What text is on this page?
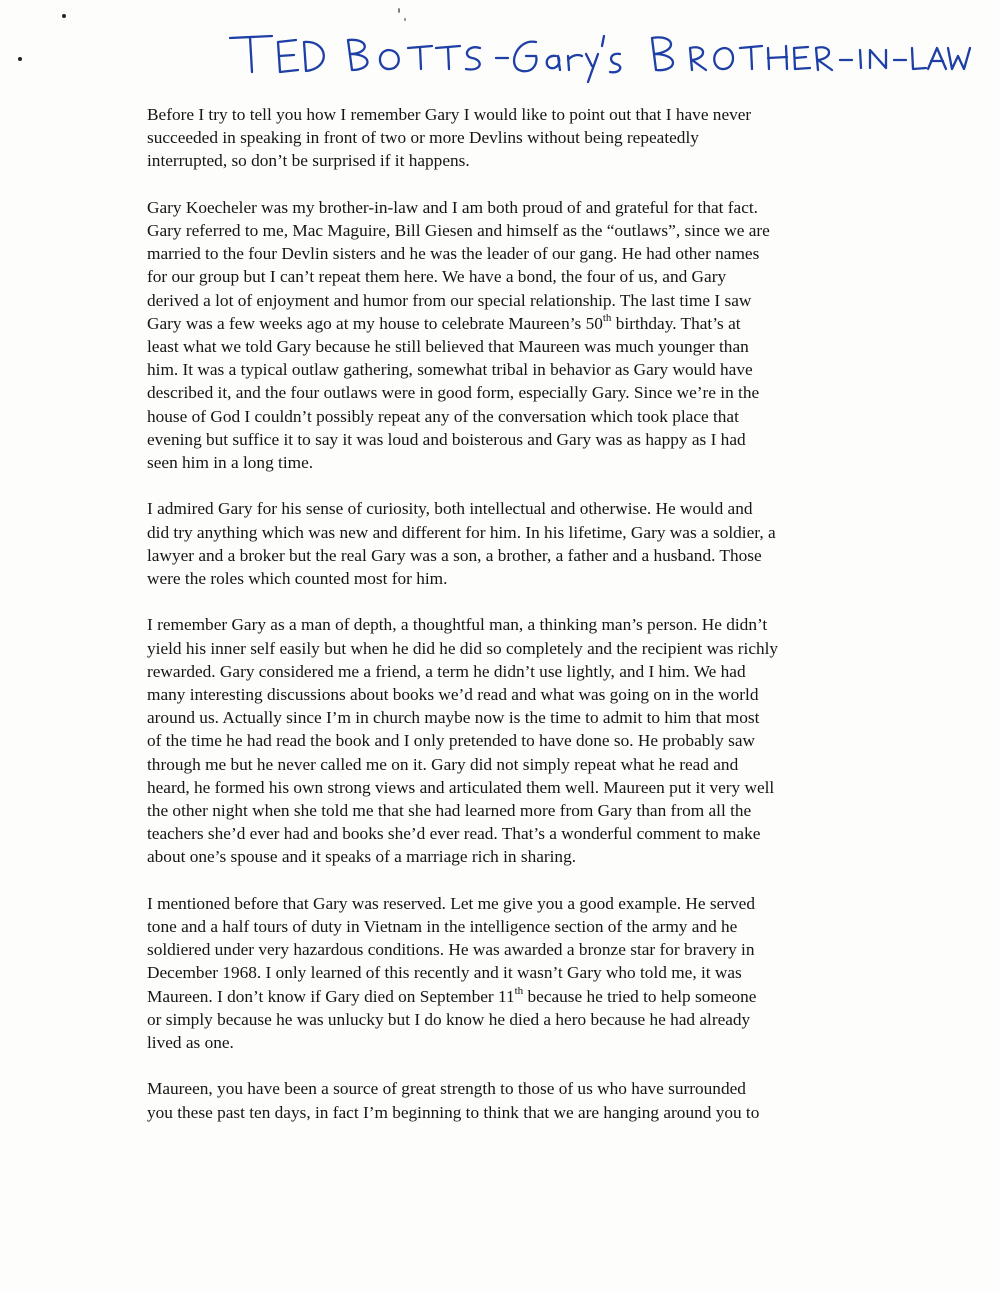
Before I try to tell you how I remember Gary I would like to point out that I have never
succeeded in speaking in front of two or more Devlins without being repeatedly
interrupted, so don’t be surprised if it happens.
Gary Koecheler was my brother-in-law and I am both proud of and grateful for that fact.
Gary referred to me, Mac Maguire, Bill Giesen and himself as the “outlaws”, since we are
married to the four Devlin sisters and he was the leader of our gang. He had other names
for our group but I can’t repeat them here. We have a bond, the four of us, and Gary
derived a lot of enjoyment and humor from our special relationship. The last time I saw
Gary was a few weeks ago at my house to celebrate Maureen’s 50th birthday. That’s at
least what we told Gary because he still believed that Maureen was much younger than
him. It was a typical outlaw gathering, somewhat tribal in behavior as Gary would have
described it, and the four outlaws were in good form, especially Gary. Since we’re in the
house of God I couldn’t possibly repeat any of the conversation which took place that
evening but suffice it to say it was loud and boisterous and Gary was as happy as I had
seen him in a long time.
I admired Gary for his sense of curiosity, both intellectual and otherwise. He would and
did try anything which was new and different for him. In his lifetime, Gary was a soldier, a
lawyer and a broker but the real Gary was a son, a brother, a father and a husband. Those
were the roles which counted most for him.
I remember Gary as a man of depth, a thoughtful man, a thinking man’s person. He didn’t
yield his inner self easily but when he did he did so completely and the recipient was richly
rewarded. Gary considered me a friend, a term he didn’t use lightly, and I him. We had
many interesting discussions about books we’d read and what was going on in the world
around us. Actually since I’m in church maybe now is the time to admit to him that most
of the time he had read the book and I only pretended to have done so. He probably saw
through me but he never called me on it. Gary did not simply repeat what he read and
heard, he formed his own strong views and articulated them well. Maureen put it very well
the other night when she told me that she had learned more from Gary than from all the
teachers she’d ever had and books she’d ever read. That’s a wonderful comment to make
about one’s spouse and it speaks of a marriage rich in sharing.
I mentioned before that Gary was reserved. Let me give you a good example. He served
tone and a half tours of duty in Vietnam in the intelligence section of the army and he
soldiered under very hazardous conditions. He was awarded a bronze star for bravery in
December 1968. I only learned of this recently and it wasn’t Gary who told me, it was
Maureen. I don’t know if Gary died on September 11th because he tried to help someone
or simply because he was unlucky but I do know he died a hero because he had already
lived as one.
Maureen, you have been a source of great strength to those of us who have surrounded
you these past ten days, in fact I’m beginning to think that we are hanging around you to
